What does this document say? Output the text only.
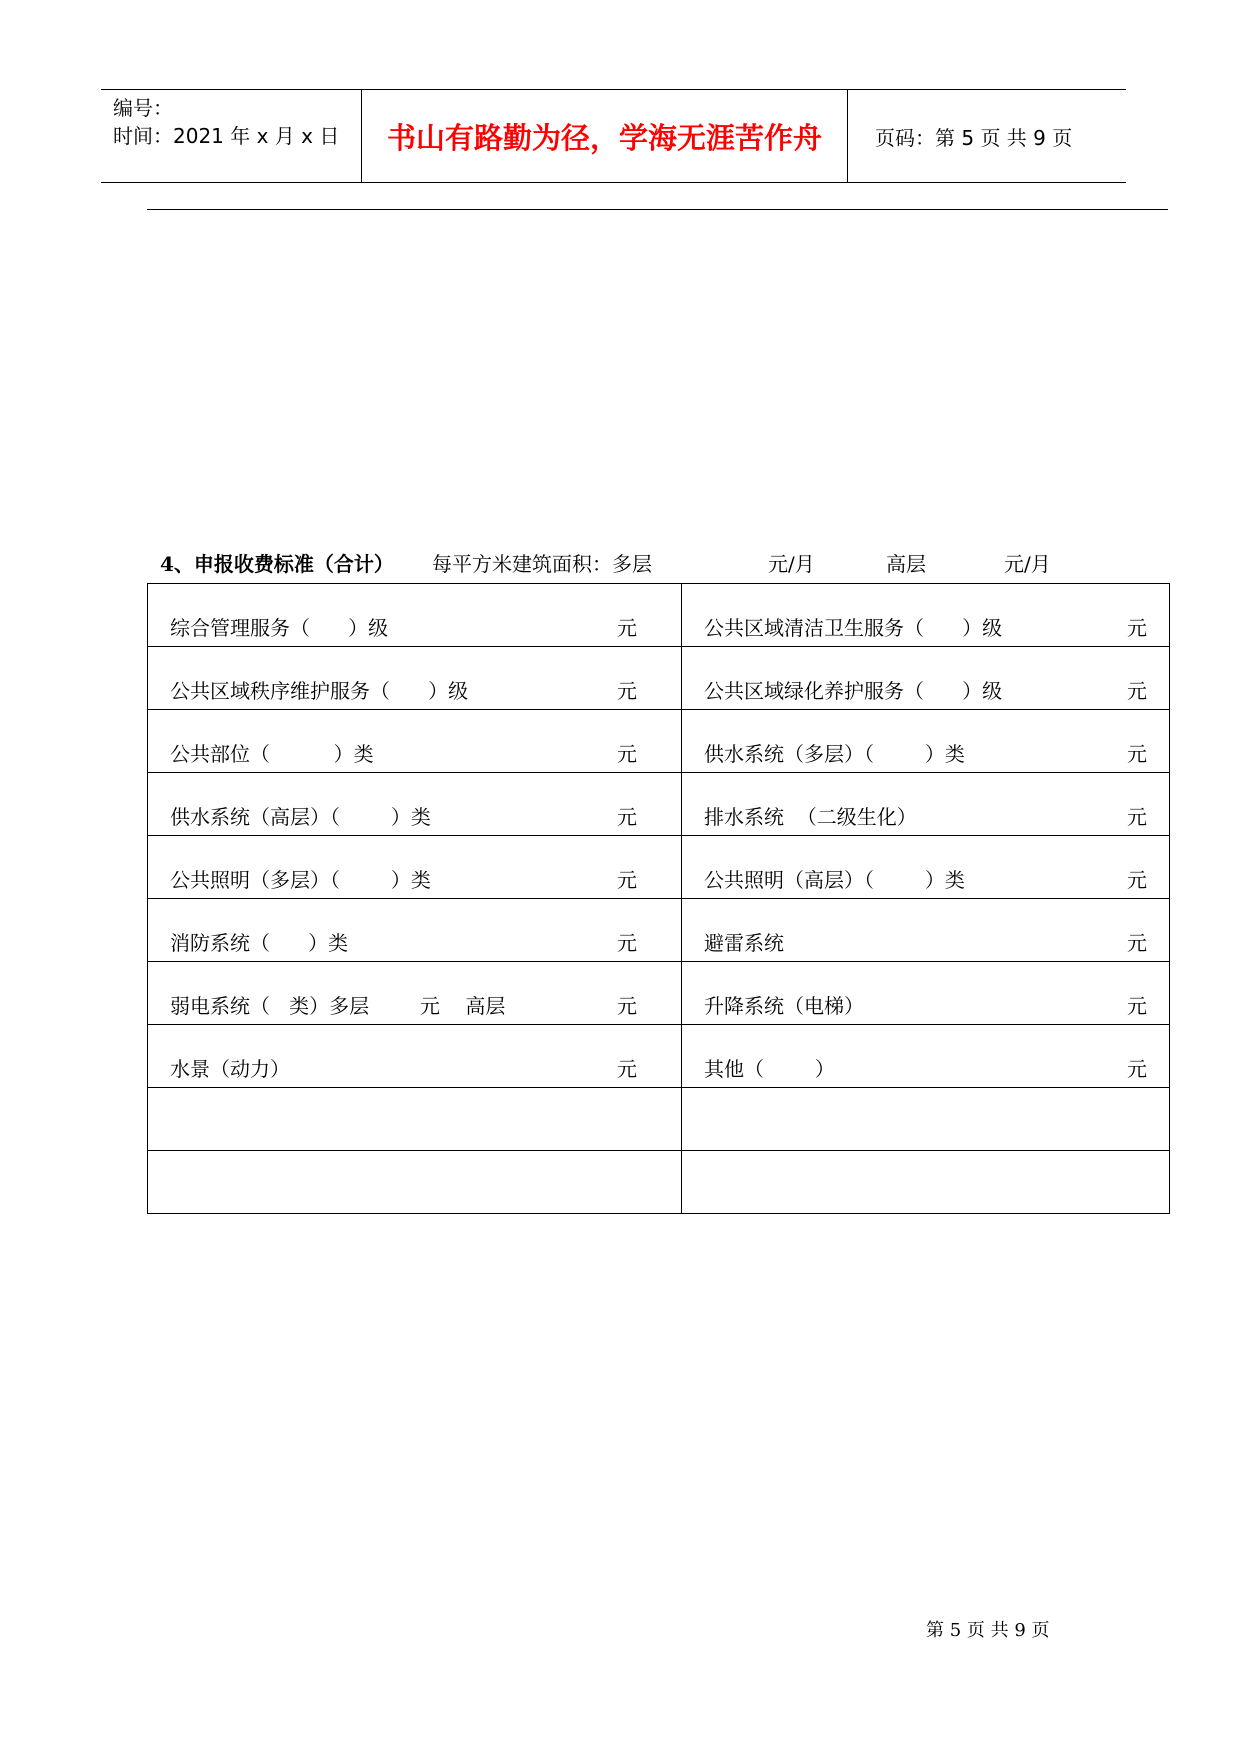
编号：
时间：2021 年 x 月 x 日	书山有路勤为径，学海无涯苦作舟	页码：第 5 页 共 9 页
4、申报收费标准（合计） 每平方米建筑面积：多层	元/月	高层	元/月
综合管理服务（      ）级 元	公共区域清洁卫生服务（      ）级 元

公共区域秩序维护服务（      ）级 元	公共区域绿化养护服务（      ）级 元

公共部位（          ）类 元	供水系统（多层）（        ）类 元

供水系统（高层）（        ）类 元	排水系统  （二级生化） 元

公共照明（多层）（        ）类 元	公共照明（高层）（        ）类 元

消防系统（      ）类 元	避雷系统 元

弱电系统（   类）多层        元    高层 元	升降系统（电梯） 元

水景（动力） 元	其他（        ） 元

第 5 页 共 9 页
